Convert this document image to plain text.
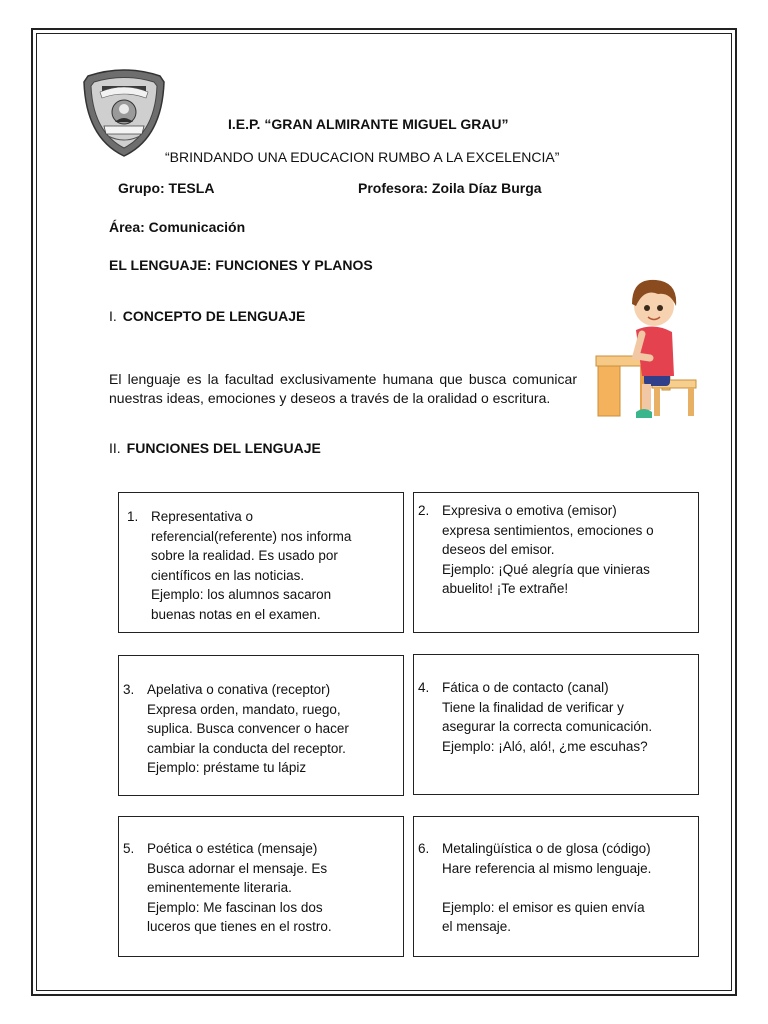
I.E.P. “GRAN ALMIRANTE MIGUEL GRAU”
“BRINDANDO UNA EDUCACION RUMBO A LA EXCELENCIA”
Grupo: TESLA	Profesora: Zoila Díaz Burga
Área: Comunicación
EL LENGUAJE: FUNCIONES Y PLANOS
I. CONCEPTO DE LENGUAJE
El lenguaje es la facultad exclusivamente humana que busca comunicar nuestras ideas, emociones y deseos a través de la oralidad o escritura.
II. FUNCIONES DEL LENGUAJE
1. Representativa o
referencial(referente) nos informa
sobre la realidad. Es usado por
científicos en las noticias.
Ejemplo: los alumnos sacaron
buenas notas en el examen.
2. Expresiva o emotiva (emisor)
expresa sentimientos, emociones o
deseos del emisor.
Ejemplo: ¡Qué alegría que vinieras
abuelito! ¡Te extrañe!
3. Apelativa o conativa (receptor)
Expresa orden, mandato, ruego,
suplica. Busca convencer o hacer
cambiar la conducta del receptor.
Ejemplo: préstame tu lápiz
4. Fática o de contacto (canal)
Tiene la finalidad de verificar y
asegurar la correcta comunicación.
Ejemplo: ¡Aló, aló!, ¿me escuhas?
5. Poética o estética (mensaje)
Busca adornar el mensaje. Es
eminentemente literaria.
Ejemplo: Me fascinan los dos
luceros que tienes en el rostro.
6. Metalingüística o de glosa (código)
Hare referencia al mismo lenguaje.
Ejemplo: el emisor es quien envía
el mensaje.
